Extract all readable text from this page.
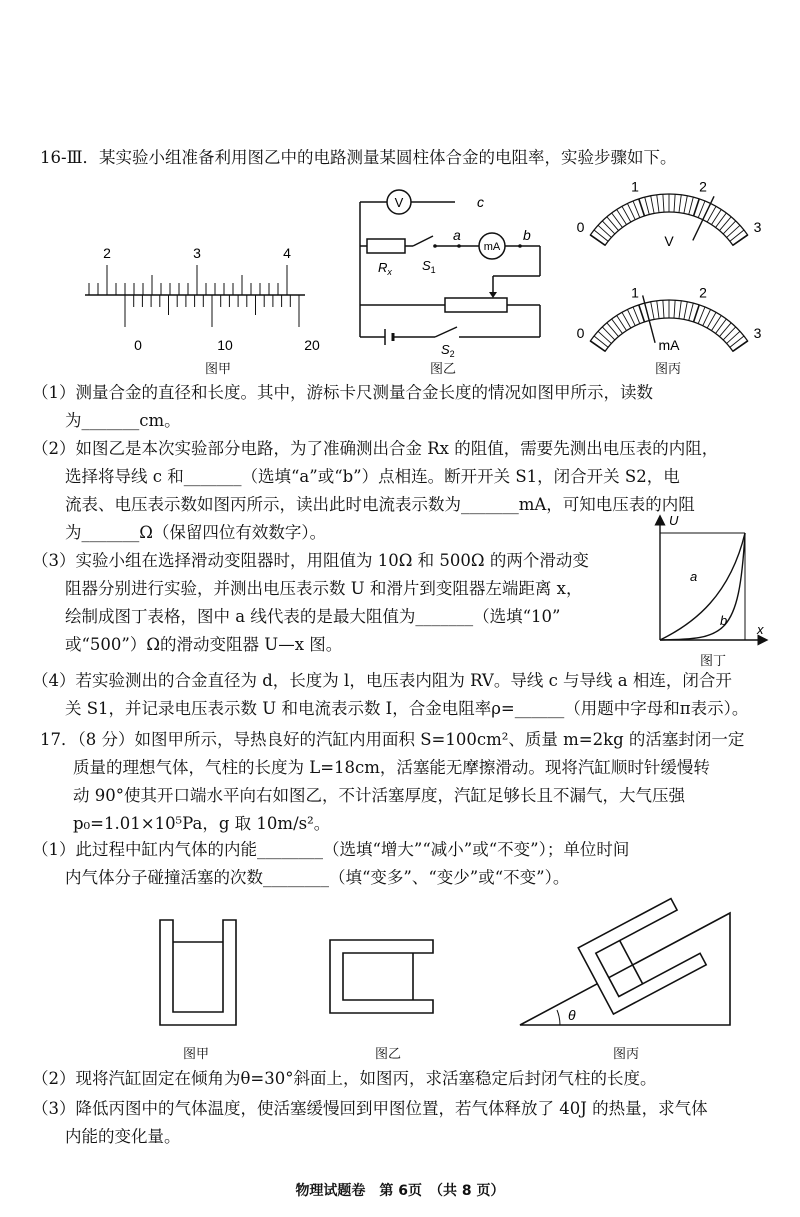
16-Ⅲ．某实验小组准备利用图乙中的电路测量某圆柱体合金的电阻率，实验步骤如下。
2	3	4
0	10	20
图甲
V
mA
c
a	b
$R_x$ $S_1$
$S_2$
图乙
0
1	2
3
0
1	2
3
V
mA
图丙
（1）测量合金的直径和长度。其中，游标卡尺测量合金长度的情况如图甲所示，读数
　　为_______cm。
（2）如图乙是本次实验部分电路，为了准确测出合金 Rx 的阻值，需要先测出电压表的内阻，
　　选择将导线 c 和_______（选填“a”或“b”）点相连。断开开关 S1，闭合开关 S2，电
　　流表、电压表示数如图丙所示，读出此时电流表示数为_______mA，可知电压表的内阻
　　为_______Ω（保留四位有效数字）。
（3）实验小组在选择滑动变阻器时，用阻值为 10Ω 和 500Ω 的两个滑动变
　　阻器分别进行实验，并测出电压表示数 U 和滑片到变阻器左端距离 x，
　　绘制成图丁表格，图中 a 线代表的是最大阻值为_______（选填“10”
　　或“500”）Ω的滑动变阻器 U—x 图。
（4）若实验测出的合金直径为 d，长度为 l，电压表内阻为 RV。导线 c 与导线 a 相连，闭合开
　　关 S1，并记录电压表示数 U 和电流表示数 I，合金电阻率ρ=______（用题中字母和π表示）。
U
x
a
b
图丁
17．（8 分）如图甲所示，导热良好的汽缸内用面积 S=100cm²、质量 m=2kg 的活塞封闭一定
　　质量的理想气体，气柱的长度为 L=18cm，活塞能无摩擦滑动。现将汽缸顺时针缓慢转
　　动 90°使其开口端水平向右如图乙，不计活塞厚度，汽缸足够长且不漏气，大气压强
　　p₀=1.01×10⁵Pa，g 取 10m/s²。
（1）此过程中缸内气体的内能________（选填“增大”“减小”或“不变”）；单位时间
　　内气体分子碰撞活塞的次数________（填“变多”、“变少”或“不变”）。
θ
图甲	图乙	图丙
（2）现将汽缸固定在倾角为θ=30°斜面上，如图丙，求活塞稳定后封闭气柱的长度。
（3）降低丙图中的气体温度，使活塞缓慢回到甲图位置，若气体释放了 40J 的热量，求气体
　　内能的变化量。
物理试题卷　第 6页　（共 8 页）
